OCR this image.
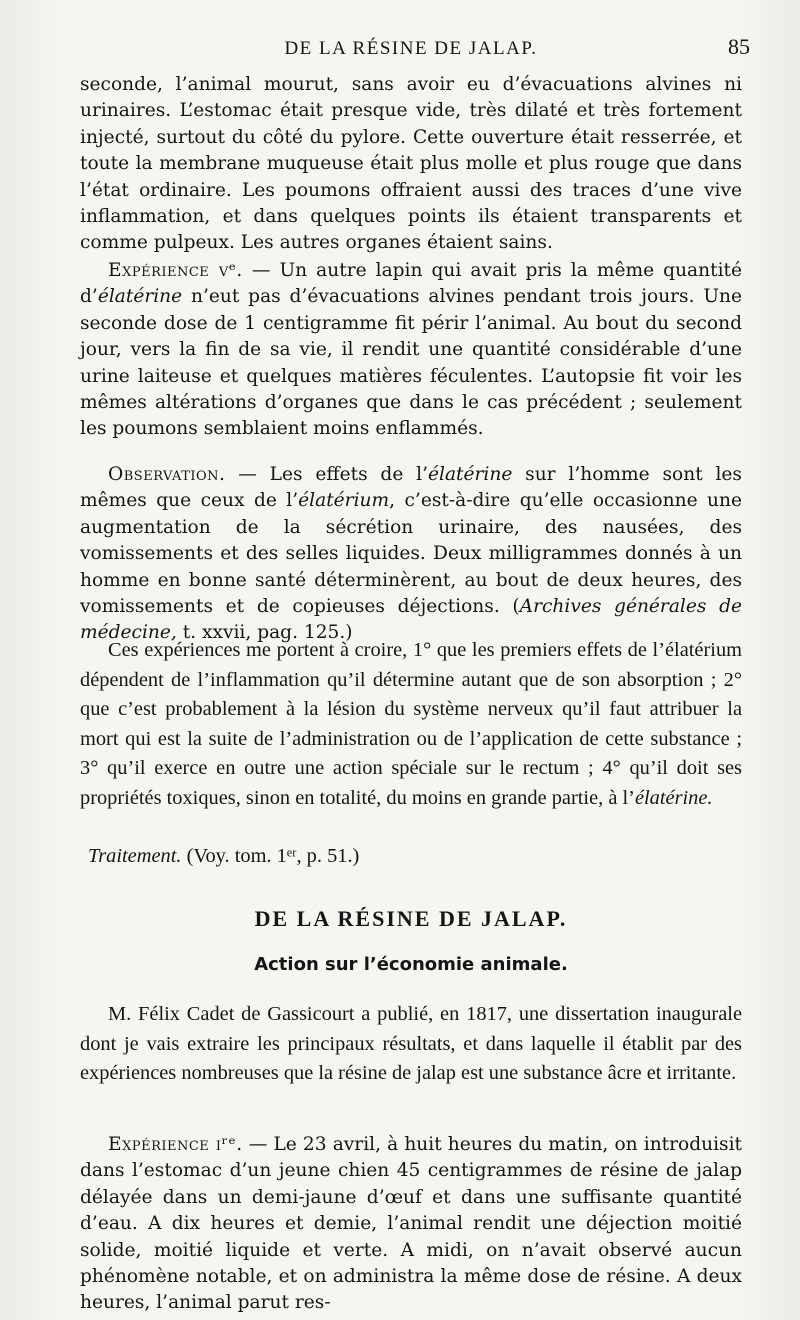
DE LA RÉSINE DE JALAP.	85

seconde, l’animal mourut, sans avoir eu d’évacuations alvines ni urinaires. L’estomac était presque vide, très dilaté et très fortement injecté, surtout du côté du pylore. Cette ouverture était resserrée, et toute la membrane muqueuse était plus molle et plus rouge que dans l’état ordinaire. Les poumons offraient aussi des traces d’une vive inflammation, et dans quelques points ils étaient transparents et comme pulpeux. Les autres organes étaient sains.

Expérience vᵉ. — Un autre lapin qui avait pris la même quantité d’élatérine n’eut pas d’évacuations alvines pendant trois jours. Une seconde dose de 1 centigramme fit périr l’animal. Au bout du second jour, vers la fin de sa vie, il rendit une quantité considérable d’une urine laiteuse et quelques matières féculentes. L’autopsie fit voir les mêmes altérations d’organes que dans le cas précédent ; seulement les poumons semblaient moins enflammés.

Observation. — Les effets de l’élatérine sur l’homme sont les mêmes que ceux de l’élatérium, c’est-à-dire qu’elle occasionne une augmentation de la sécrétion urinaire, des nausées, des vomissements et des selles liquides. Deux milligrammes donnés à un homme en bonne santé déterminèrent, au bout de deux heures, des vomissements et de copieuses déjections. (Archives générales de médecine, t. xxvii, pag. 125.)

Ces expériences me portent à croire, 1° que les premiers effets de l’élatérium dépendent de l’inflammation qu’il détermine autant que de son absorption ; 2° que c’est probablement à la lésion du système nerveux qu’il faut attribuer la mort qui est la suite de l’administration ou de l’application de cette substance ; 3° qu’il exerce en outre une action spéciale sur le rectum ; 4° qu’il doit ses propriétés toxiques, sinon en totalité, du moins en grande partie, à l’élatérine.

Traitement. (Voy. tom. 1ᵉʳ, p. 51.)
DE LA RÉSINE DE JALAP.
Action sur l’économie animale.

M. Félix Cadet de Gassicourt a publié, en 1817, une dissertation inaugurale dont je vais extraire les principaux résultats, et dans laquelle il établit par des expériences nombreuses que la résine de jalap est une substance âcre et irritante.

Expérience iʳᵉ. — Le 23 avril, à huit heures du matin, on introduisit dans l’estomac d’un jeune chien 45 centigrammes de résine de jalap délayée dans un demi-jaune d’œuf et dans une suffisante quantité d’eau. A dix heures et demie, l’animal rendit une déjection moitié solide, moitié liquide et verte. A midi, on n’avait observé aucun phénomène notable, et on administra la même dose de résine. A deux heures, l’animal parut res-
